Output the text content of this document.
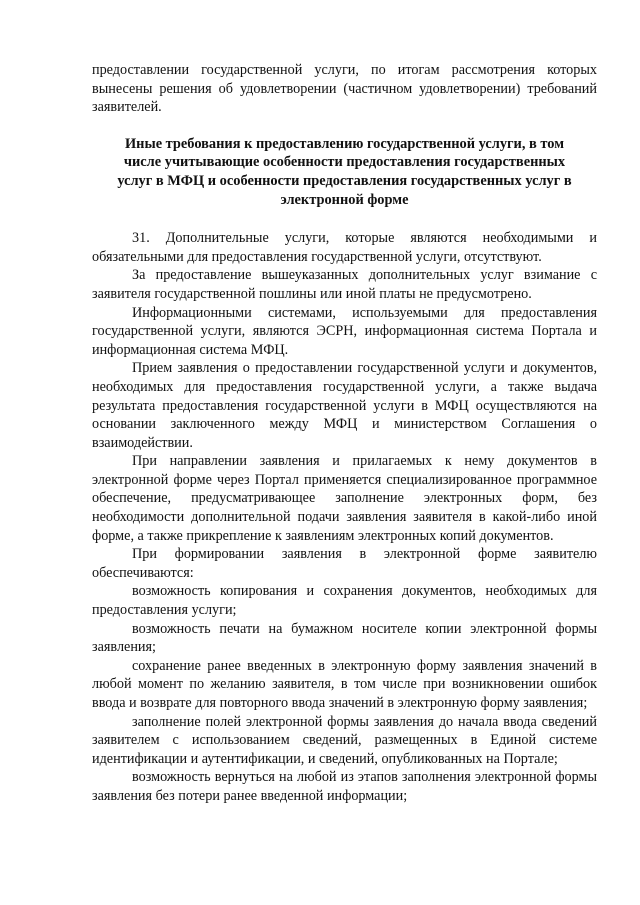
предоставлении государственной услуги, по итогам рассмотрения которых вынесены решения об удовлетворении (частичном удовлетворении) требований заявителей.

Иные требования к предоставлению государственной услуги, в том числе учитывающие особенности предоставления государственных услуг в МФЦ и особенности предоставления государственных услуг в электронной форме

31. Дополнительные услуги, которые являются необходимыми и обязательными для предоставления государственной услуги, отсутствуют.

За предоставление вышеуказанных дополнительных услуг взимание с заявителя государственной пошлины или иной платы не предусмотрено.

Информационными системами, используемыми для предоставления государственной услуги, являются ЭСРН, информационная система Портала и информационная система МФЦ.

Прием заявления о предоставлении государственной услуги и документов, необходимых для предоставления государственной услуги, а также выдача результата предоставления государственной услуги в МФЦ осуществляются на основании заключенного между МФЦ и министерством Соглашения о взаимодействии.

При направлении заявления и прилагаемых к нему документов в электронной форме через Портал применяется специализированное программное обеспечение, предусматривающее заполнение электронных форм, без необходимости дополнительной подачи заявления заявителя в какой-либо иной форме, а также прикрепление к заявлениям электронных копий документов.

При формировании заявления в электронной форме заявителю обеспечиваются:

возможность копирования и сохранения документов, необходимых для предоставления услуги;

возможность печати на бумажном носителе копии электронной формы заявления;

сохранение ранее введенных в электронную форму заявления значений в любой момент по желанию заявителя, в том числе при возникновении ошибок ввода и возврате для повторного ввода значений в электронную форму заявления;

заполнение полей электронной формы заявления до начала ввода сведений заявителем с использованием сведений, размещенных в Единой системе идентификации и аутентификации, и сведений, опубликованных на Портале;

возможность вернуться на любой из этапов заполнения электронной формы заявления без потери ранее введенной информации;
